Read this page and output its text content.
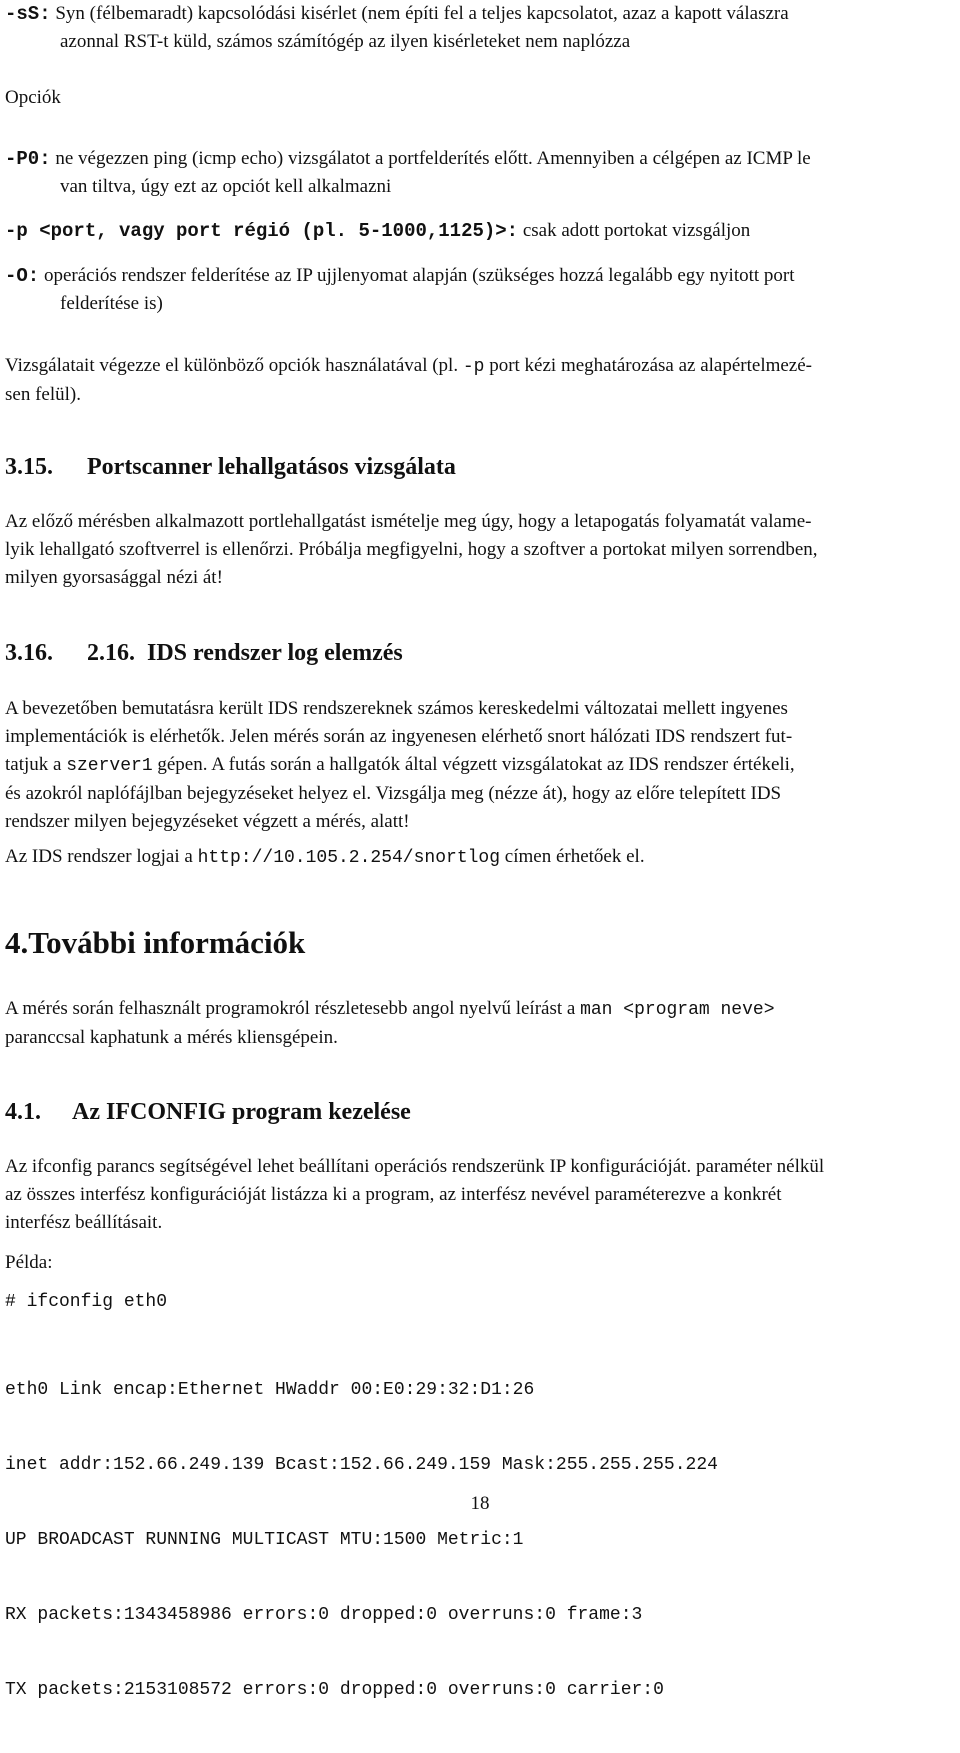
-sS: Syn (félbemaradt) kapcsolódási kisérlet (nem építi fel a teljes kapcsolatot, azaz a kapott válaszra
azonnal RST-t küld, számos számítógép az ilyen kisérleteket nem naplózza
Opciók
-P0: ne végezzen ping (icmp echo) vizsgálatot a portfelderítés előtt. Amennyiben a célgépen az ICMP le
van tiltva, úgy ezt az opciót kell alkalmazni
-p <port, vagy port régió (pl. 5-1000,1125)>: csak adott portokat vizsgáljon
-O: operációs rendszer felderítése az IP ujjlenyomat alapján (szükséges hozzá legalább egy nyitott port
felderítése is)
Vizsgálatait végezze el különböző opciók használatával (pl. -p port kézi meghatározása az alapértelmezé-
sen felül).
3.15. Portscanner lehallgatásos vizsgálata
Az előző mérésben alkalmazott portlehallgatást ismételje meg úgy, hogy a letapogatás folyamatát valame-
lyik lehallgató szoftverrel is ellenőrzi. Próbálja megfigyelni, hogy a szoftver a portokat milyen sorrendben,
milyen gyorsasággal nézi át!
3.16. 2.16. IDS rendszer log elemzés
A bevezetőben bemutatásra került IDS rendszereknek számos kereskedelmi változatai mellett ingyenes
implementációk is elérhetők. Jelen mérés során az ingyenesen elérhető snort hálózati IDS rendszert fut-
tatjuk a szerver1 gépen. A futás során a hallgatók által végzett vizsgálatokat az IDS rendszer értékeli,
és azokról naplófájlban bejegyzéseket helyez el. Vizsgálja meg (nézze át), hogy az előre telepített IDS
rendszer milyen bejegyzéseket végzett a mérés, alatt!
Az IDS rendszer logjai a http://10.105.2.254/snortlog címen érhetőek el.
4.További információk
A mérés során felhasznált programokról részletesebb angol nyelvű leírást a man <program neve>
paranccsal kaphatunk a mérés kliensgépein.
4.1. Az IFCONFIG program kezelése
Az ifconfig parancs segítségével lehet beállítani operációs rendszerünk IP konfigurációját. paraméter nélkül
az összes interfész konfigurációját listázza ki a program, az interfész nevével paraméterezve a konkrét
interfész beállításait.
Példa:
# ifconfig eth0

eth0 Link encap:Ethernet HWaddr 00:E0:29:32:D1:26

inet addr:152.66.249.139 Bcast:152.66.249.159 Mask:255.255.255.224

UP BROADCAST RUNNING MULTICAST MTU:1500 Metric:1

RX packets:1343458986 errors:0 dropped:0 overruns:0 frame:3

TX packets:2153108572 errors:0 dropped:0 overruns:0 carrier:0

18
